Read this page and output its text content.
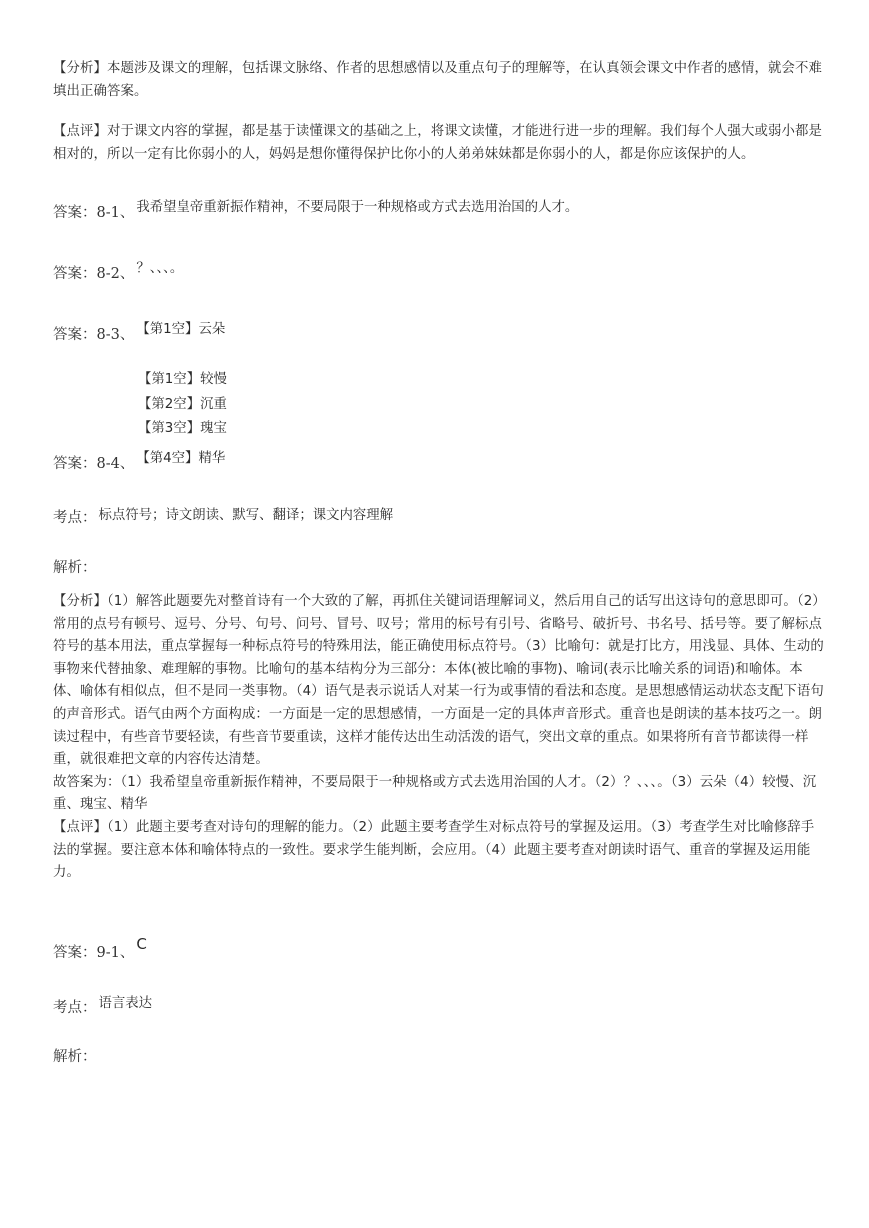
【分析】本题涉及课文的理解，包括课文脉络、作者的思想感情以及重点句子的理解等，在认真领会课文中作者的感情，就会不难填出正确答案。

【点评】对于课文内容的掌握，都是基于读懂课文的基础之上，将课文读懂，才能进行进一步的理解。我们每个人强大或弱小都是相对的，所以一定有比你弱小的人，妈妈是想你懂得保护比你小的人弟弟妹妹都是你弱小的人，都是你应该保护的人。

答案：8-1、 我希望皇帝重新振作精神，不要局限于一种规格或方式去选用治国的人才。
答案：8-2、 ？、、、。
答案：8-3、 【第1空】云朵
【第1空】较慢
【第2空】沉重
【第3空】瑰宝
答案：8-4、 【第4空】精华
考点： 标点符号；诗文朗读、默写、翻译；课文内容理解
解析：

【分析】（1）解答此题要先对整首诗有一个大致的了解，再抓住关键词语理解词义，然后用自己的话写出这诗句的意思即可。（2）常用的点号有顿号、逗号、分号、句号、问号、冒号、叹号；常用的标号有引号、省略号、破折号、书名号、括号等。要了解标点符号的基本用法，重点掌握每一种标点符号的特殊用法，能正确使用标点符号。（3）比喻句：就是打比方，用浅显、具体、生动的事物来代替抽象、难理解的事物。比喻句的基本结构分为三部分：本体(被比喻的事物)、喻词(表示比喻关系的词语)和喻体。本体、喻体有相似点，但不是同一类事物。（4）语气是表示说话人对某一行为或事情的看法和态度。是思想感情运动状态支配下语句的声音形式。语气由两个方面构成：一方面是一定的思想感情，一方面是一定的具体声音形式。重音也是朗读的基本技巧之一。朗读过程中，有些音节要轻读，有些音节要重读，这样才能传达出生动活泼的语气，突出文章的重点。如果将所有音节都读得一样重，就很难把文章的内容传达清楚。

故答案为：（1）我希望皇帝重新振作精神，不要局限于一种规格或方式去选用治国的人才。（2）？、、、。（3）云朵（4）较慢、沉重、瑰宝、精华

【点评】（1）此题主要考查对诗句的理解的能力。（2）此题主要考查学生对标点符号的掌握及运用。（3）考查学生对比喻修辞手法的掌握。要注意本体和喻体特点的一致性。要求学生能判断，会应用。（4）此题主要考查对朗读时语气、重音的掌握及运用能力。

答案：9-1、 C
考点： 语言表达
解析：
